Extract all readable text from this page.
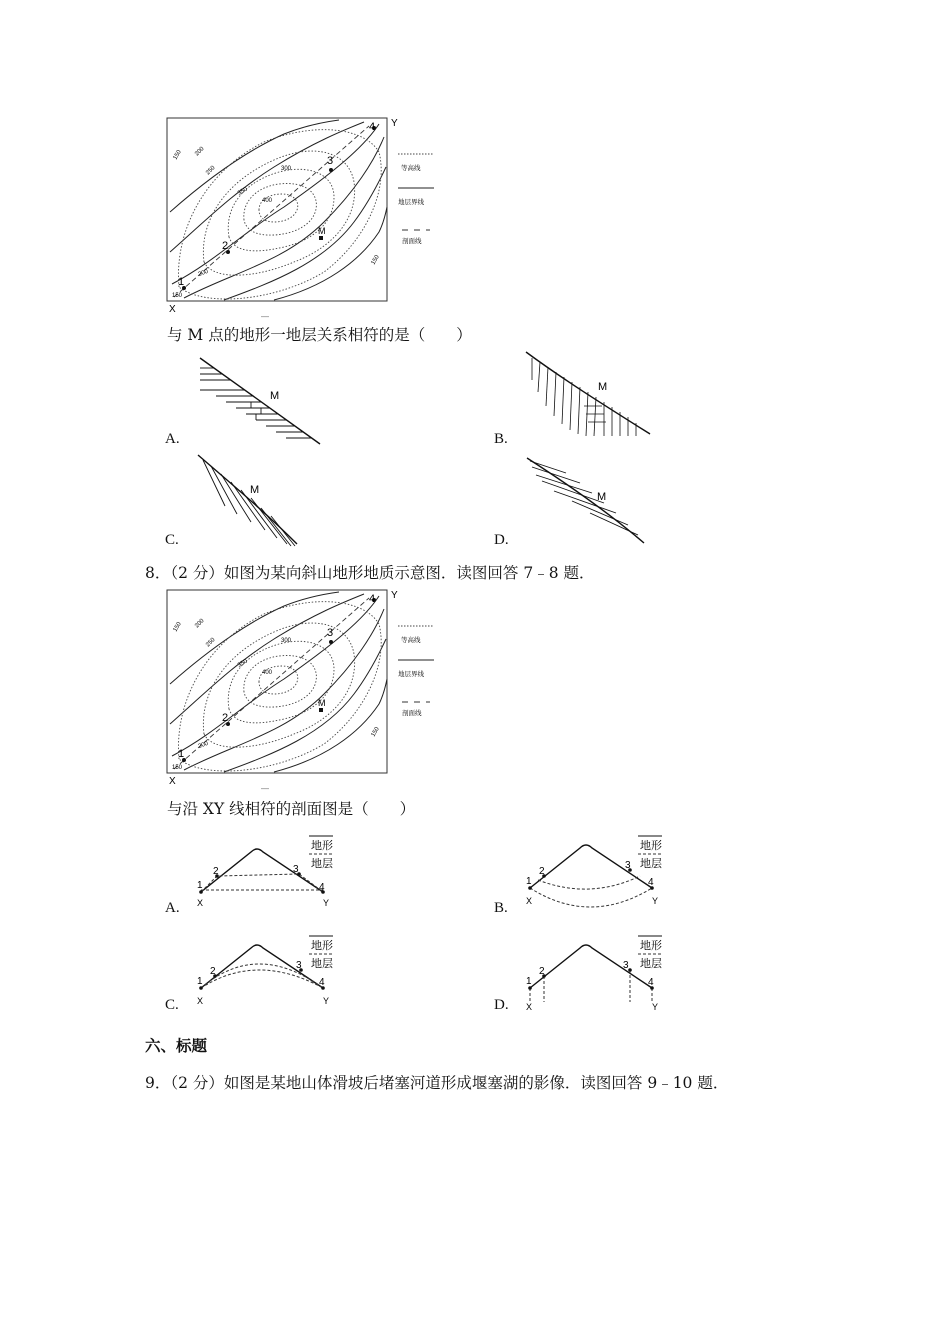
1
2
3
4
M
X
Y
150 200
250	300
350
400
200
150
150
等高线
地层界线
剖面线
—
与 M 点的地形一地层关系相符的是（　　）
A.
M
B.
M
C.
M
D.
M
8．（2 分）如图为某向斜山地形地质示意图．读图回答 7﹣8 题．
1
2
3
4
M
X
Y
150 200
250	300
350
400
200
150
150
等高线
地层界线
剖面线
—
与沿 XY 线相符的剖面图是（　　）
A.
1
2	3
4
X	Y
地形
地层
B.
1
2
3
4
X	Y
地形
地层
C.
1
2
3
4
X	Y
地形
地层
D.
1
2
3
4
X	Y
地形
地层
六、标题
9．（2 分）如图是某地山体滑坡后堵塞河道形成堰塞湖的影像．读图回答 9﹣10 题．
